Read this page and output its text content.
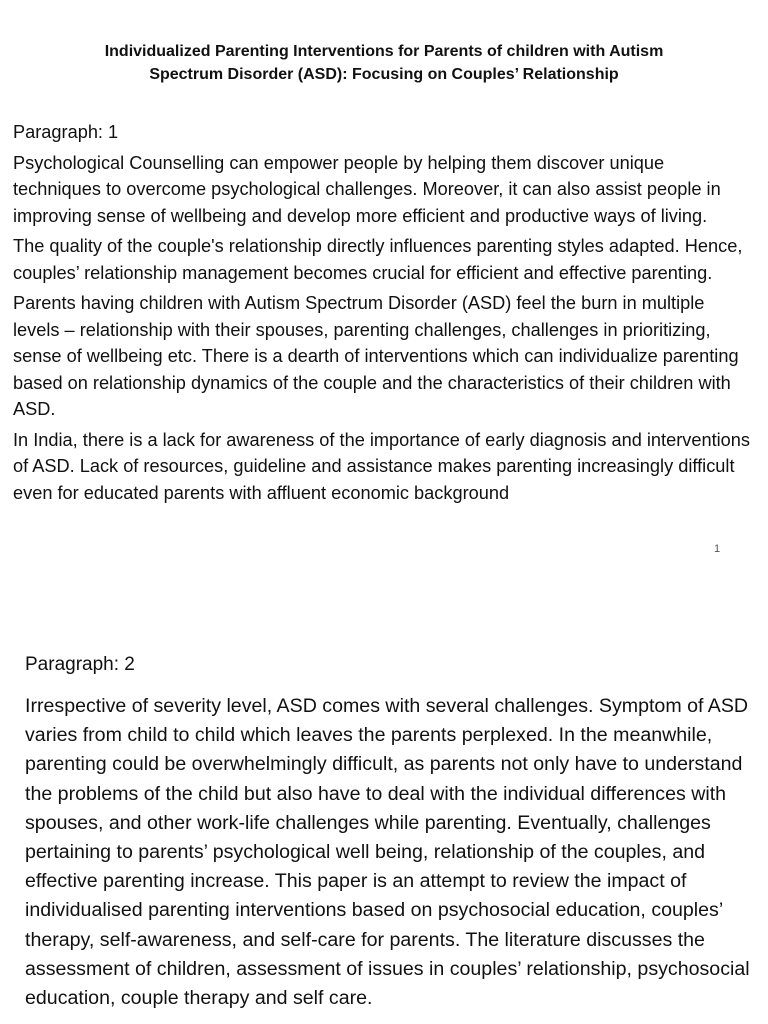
Individualized Parenting Interventions for Parents of children with Autism
Spectrum Disorder (ASD): Focusing on Couples’ Relationship

Paragraph: 1

Psychological Counselling can empower people by helping them discover unique techniques to overcome psychological challenges. Moreover, it can also assist people in improving sense of wellbeing and develop more efficient and productive ways of living.

The quality of the couple's relationship directly influences parenting styles adapted. Hence, couples’ relationship management becomes crucial for efficient and effective parenting.

Parents having children with Autism Spectrum Disorder (ASD) feel the burn in multiple levels – relationship with their spouses, parenting challenges, challenges in prioritizing, sense of wellbeing etc. There is a dearth of interventions which can individualize parenting based on relationship dynamics of the couple and the characteristics of their children with ASD.

In India, there is a lack for awareness of the importance of early diagnosis and interventions of ASD. Lack of resources, guideline and assistance makes parenting increasingly difficult even for educated parents with affluent economic background

1
Paragraph: 2

Irrespective of severity level, ASD comes with several challenges. Symptom of ASD varies from child to child which leaves the parents perplexed. In the meanwhile, parenting could be overwhelmingly difficult, as parents not only have to understand the problems of the child but also have to deal with the individual differences with spouses, and other work-life challenges while parenting. Eventually, challenges pertaining to parents’ psychological well being, relationship of the couples, and effective parenting increase. This paper is an attempt to review the impact of individualised parenting interventions based on psychosocial education, couples’ therapy, self-awareness, and self-care for parents. The literature discusses the assessment of children, assessment of issues in couples’ relationship, psychosocial education, couple therapy and self care.
